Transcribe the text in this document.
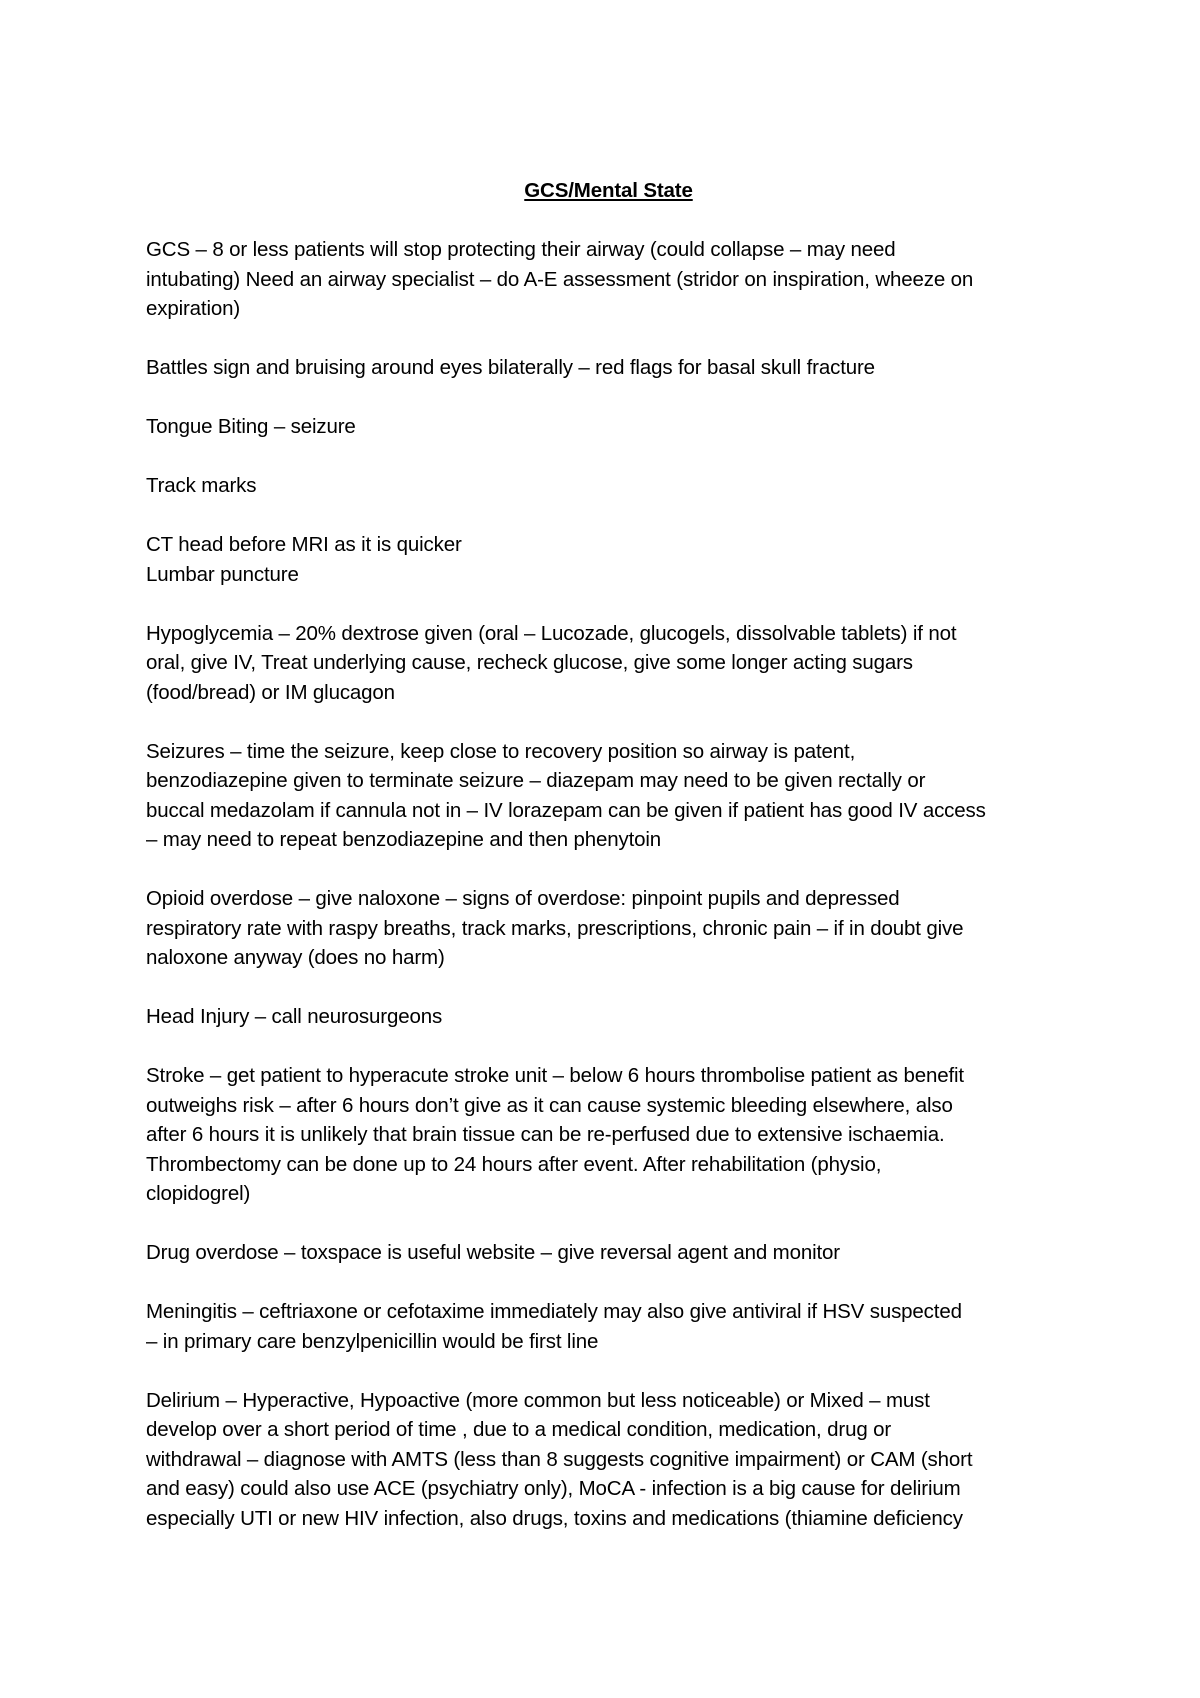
GCS/Mental State
GCS – 8 or less patients will stop protecting their airway (could collapse – may need
intubating) Need an airway specialist – do A-E assessment (stridor on inspiration, wheeze on
expiration)
Battles sign and bruising around eyes bilaterally – red flags for basal skull fracture
Tongue Biting – seizure
Track marks
CT head before MRI as it is quicker
Lumbar puncture
Hypoglycemia – 20% dextrose given (oral – Lucozade, glucogels, dissolvable tablets) if not
oral, give IV, Treat underlying cause, recheck glucose, give some longer acting sugars
(food/bread) or IM glucagon
Seizures – time the seizure, keep close to recovery position so airway is patent,
benzodiazepine given to terminate seizure – diazepam may need to be given rectally or
buccal medazolam if cannula not in – IV lorazepam can be given if patient has good IV access
– may need to repeat benzodiazepine and then phenytoin
Opioid overdose – give naloxone – signs of overdose: pinpoint pupils and depressed
respiratory rate with raspy breaths, track marks, prescriptions, chronic pain – if in doubt give
naloxone anyway (does no harm)
Head Injury – call neurosurgeons
Stroke – get patient to hyperacute stroke unit – below 6 hours thrombolise patient as benefit
outweighs risk – after 6 hours don’t give as it can cause systemic bleeding elsewhere, also
after 6 hours it is unlikely that brain tissue can be re-perfused due to extensive ischaemia.
Thrombectomy can be done up to 24 hours after event. After rehabilitation (physio,
clopidogrel)
Drug overdose – toxspace is useful website – give reversal agent and monitor
Meningitis – ceftriaxone or cefotaxime immediately may also give antiviral if HSV suspected
– in primary care benzylpenicillin would be first line
Delirium – Hyperactive, Hypoactive (more common but less noticeable) or Mixed – must
develop over a short period of time , due to a medical condition, medication, drug or
withdrawal – diagnose with AMTS (less than 8 suggests cognitive impairment) or CAM (short
and easy) could also use ACE (psychiatry only), MoCA - infection is a big cause for delirium
especially UTI or new HIV infection, also drugs, toxins and medications (thiamine deficiency
